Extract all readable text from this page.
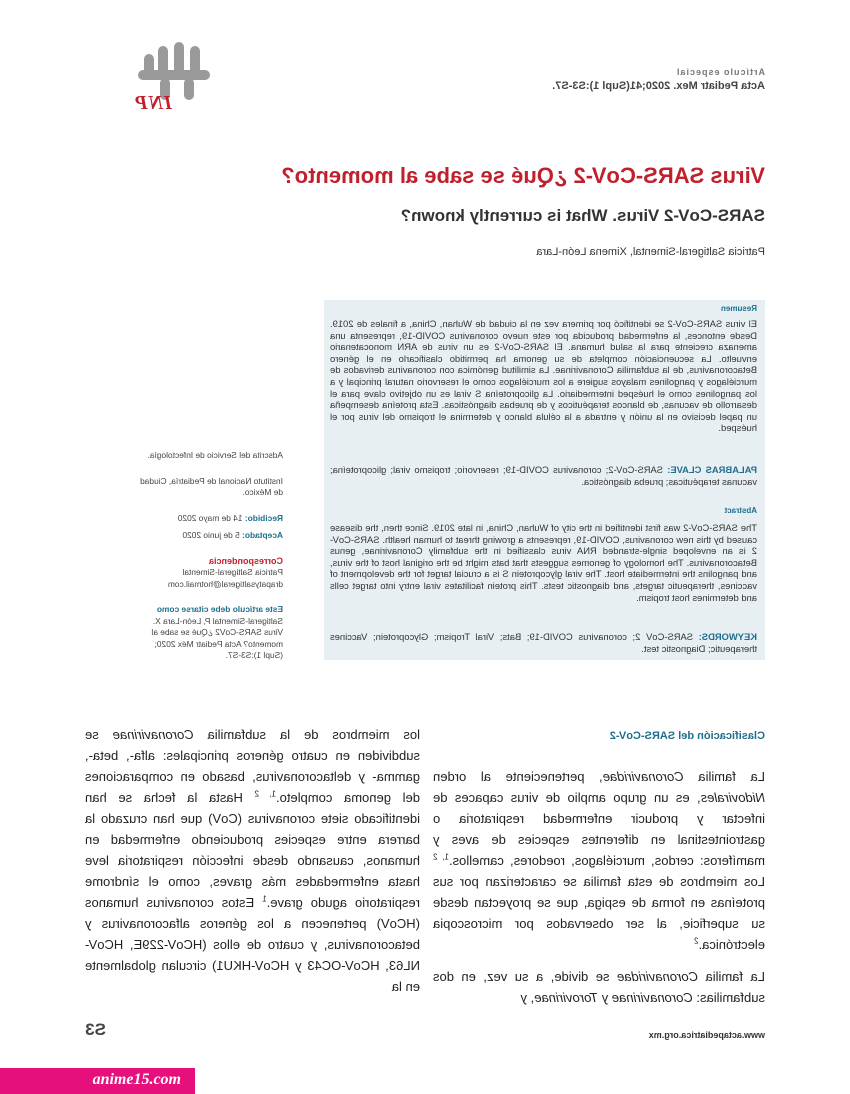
INP
Artículo especial
Acta Pediatr Mex. 2020;41(Supl 1):S3-S7.
Virus SARS-CoV-2 ¿Qué se sabe al momento?
SARS-CoV-2 Virus. What is currently known?
Patricia Saltigeral-Simental, Ximena León-Lara
Resumen
El virus SARS-CoV-2 se identificó por primera vez en la ciudad de Wuhan, China, a finales de 2019. Desde entonces, la enfermedad producida por este nuevo coronavirus COVID-19, representa una amenaza creciente para la salud humana. El SARS-CoV-2 es un virus de ARN monocatenario envuelto. La secuenciación completa de su genoma ha permitido clasificarlo en el género Betacoronavirus, de la subfamilia Coronavirinae. La similitud genómica con coronavirus derivados de murciélagos y pangolines malayos sugiere a los murciélagos como el reservorio natural principal y a los pangolines como el huésped intermediario. La glicoproteína S viral es un objetivo clave para el desarrollo de vacunas, de blancos terapéuticos y de pruebas diagnósticas. Esta proteína desempeña un papel decisivo en la unión y entrada a la célula blanco y determina el tropismo del virus por el huésped.
PALABRAS CLAVE: SARS-CoV-2; coronavirus COVID-19; reservorio; tropismo viral; glicoproteína; vacunas terapéuticas; prueba diagnóstica.
Abstract
The SARS-CoV-2 was first identified in the city of Wuhan, China, in late 2019. Since then, the disease caused by this new coronavirus, COVID-19, represents a growing threat to human health. SARS-CoV-2 is an enveloped single-stranded RNA virus classified in the subfamily Coronavirinae, genus Betacoronavirus. The homology of genomes suggests that bats might be the original host of the virus, and pangolins the intermediate host. The viral glycoprotein S is a crucial target for the development of vaccines, therapeutic targets, and diagnostic tests. This protein facilitates viral entry into target cells and determines host tropism.
KEYWORDS: SARS-CoV 2; coronavirus COVID-19; Bats; Viral Tropism; Glycoprotein; Vaccines therapeutic; Diagnostic test.
Adscrita del Servicio de Infectología.
Instituto Nacional de Pediatría, Ciudad de México.
Recibido: 14 de mayo 2020
Aceptado: 5 de junio 2020
Correspondencia
Patricia Saltigeral-Simental
drapatysaltigeral@hotmail.com
Este artículo debe citarse como
Saltigeral-Simental P, León-Lara X. Virus SARS-CoV2 ¿Qué se sabe al momento? Acta Pediatr Méx 2020; (Supl 1):S3-S7.
Clasificación del SARS-CoV-2
La familia Coronaviridae, perteneciente al orden Nidovirales, es un grupo amplio de virus capaces de infectar y producir enfermedad respiratoria o gastrointestinal en diferentes especies de aves y mamíferos: cerdos, murciélagos, roedores, camellos.$^{1, 2}$ Los miembros de esta familia se caracterizan por sus proteínas en forma de espiga, que se proyectan desde su superficie, al ser observados por microscopia electrónica.$^2$
La familia Coronaviridae se divide, a su vez, en dos subfamilias: Coronavirinae y Torovirinae, y
los miembros de la subfamilia Coronavirinae se subdividen en cuatro géneros principales: alfa-, beta-, gamma- y deltacoronavirus, basado en comparaciones del genoma completo.$^{1, 2}$ Hasta la fecha se han identificado siete coronavirus (CoV) que han cruzado la barrera entre especies produciendo enfermedad en humanos, causando desde infección respiratoria leve hasta enfermedades más graves, como el síndrome respiratorio agudo grave.$^1$ Estos coronavirus humanos (HCoV) pertenecen a los géneros alfacoronavirus y betacoronavirus, y cuatro de ellos (HCoV-229E, HCoV-NL63, HCoV-OC43 y HCoV-HKU1) circulan globalmente en la
www.actapediatrica.org.mx
S3
anime15.com
